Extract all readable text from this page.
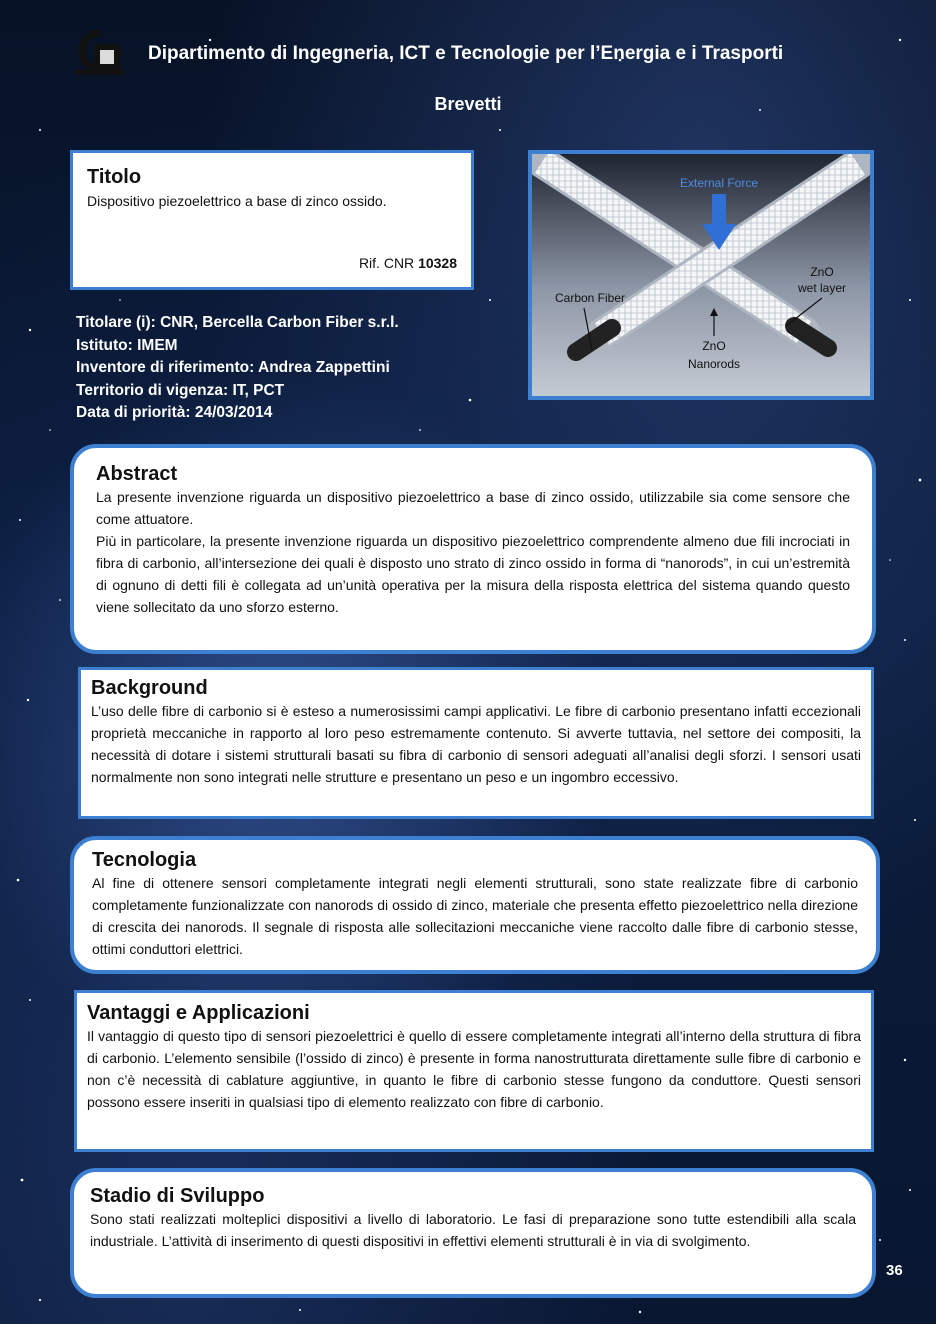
Dipartimento di Ingegneria, ICT e Tecnologie per l’Energia e i Trasporti
Brevetti
Titolo
Dispositivo piezoelettrico a base di zinco ossido.
Rif. CNR 10328
External Force
Carbon Fiber
ZnO
wet layer
ZnO
Nanorods
Titolare (i): CNR, Bercella Carbon Fiber s.r.l.
Istituto: IMEM
Inventore di riferimento: Andrea Zappettini
Territorio di vigenza: IT, PCT
Data di priorità: 24/03/2014
Abstract

La presente invenzione riguarda un dispositivo piezoelettrico a base di zinco ossido, utilizzabile sia come sensore che come attuatore.

Più in particolare, la presente invenzione riguarda un dispositivo piezoelettrico comprendente almeno due fili incrociati in fibra di carbonio, all’intersezione dei quali è disposto uno strato di zinco ossido in forma di “nanorods”, in cui un’estremità di ognuno di detti fili è collegata ad un’unità operativa per la misura della risposta elettrica del sistema quando questo viene sollecitato da uno sforzo esterno.

Background

L’uso delle fibre di carbonio si è esteso a numerosissimi campi applicativi. Le fibre di carbonio presentano infatti eccezionali proprietà meccaniche in rapporto al loro peso estremamente contenuto. Si avverte tuttavia, nel settore dei compositi, la necessità di dotare i sistemi strutturali basati su fibra di carbonio di sensori adeguati all’analisi degli sforzi. I sensori usati normalmente non sono integrati nelle strutture e presentano un peso e un ingombro eccessivo.

Tecnologia

Al fine di ottenere sensori completamente integrati negli elementi strutturali, sono state realizzate fibre di carbonio completamente funzionalizzate con nanorods di ossido di zinco, materiale che presenta effetto piezoelettrico nella direzione di crescita dei nanorods. Il segnale di risposta alle sollecitazioni meccaniche viene raccolto dalle fibre di carbonio stesse, ottimi conduttori elettrici.

Vantaggi e Applicazioni

Il vantaggio di questo tipo di sensori piezoelettrici è quello di essere completamente integrati all’interno della struttura di fibra di carbonio. L’elemento sensibile (l’ossido di zinco) è presente in forma nanostrutturata direttamente sulle fibre di carbonio e non c’è necessità di cablature aggiuntive, in quanto le fibre di carbonio stesse fungono da conduttore. Questi sensori possono essere inseriti in qualsiasi tipo di elemento realizzato con fibre di carbonio.

Stadio di Sviluppo

Sono stati realizzati molteplici dispositivi a livello di laboratorio. Le fasi di preparazione sono tutte estendibili alla scala industriale. L’attività di inserimento di questi dispositivi in effettivi elementi strutturali è in via di svolgimento.

36
